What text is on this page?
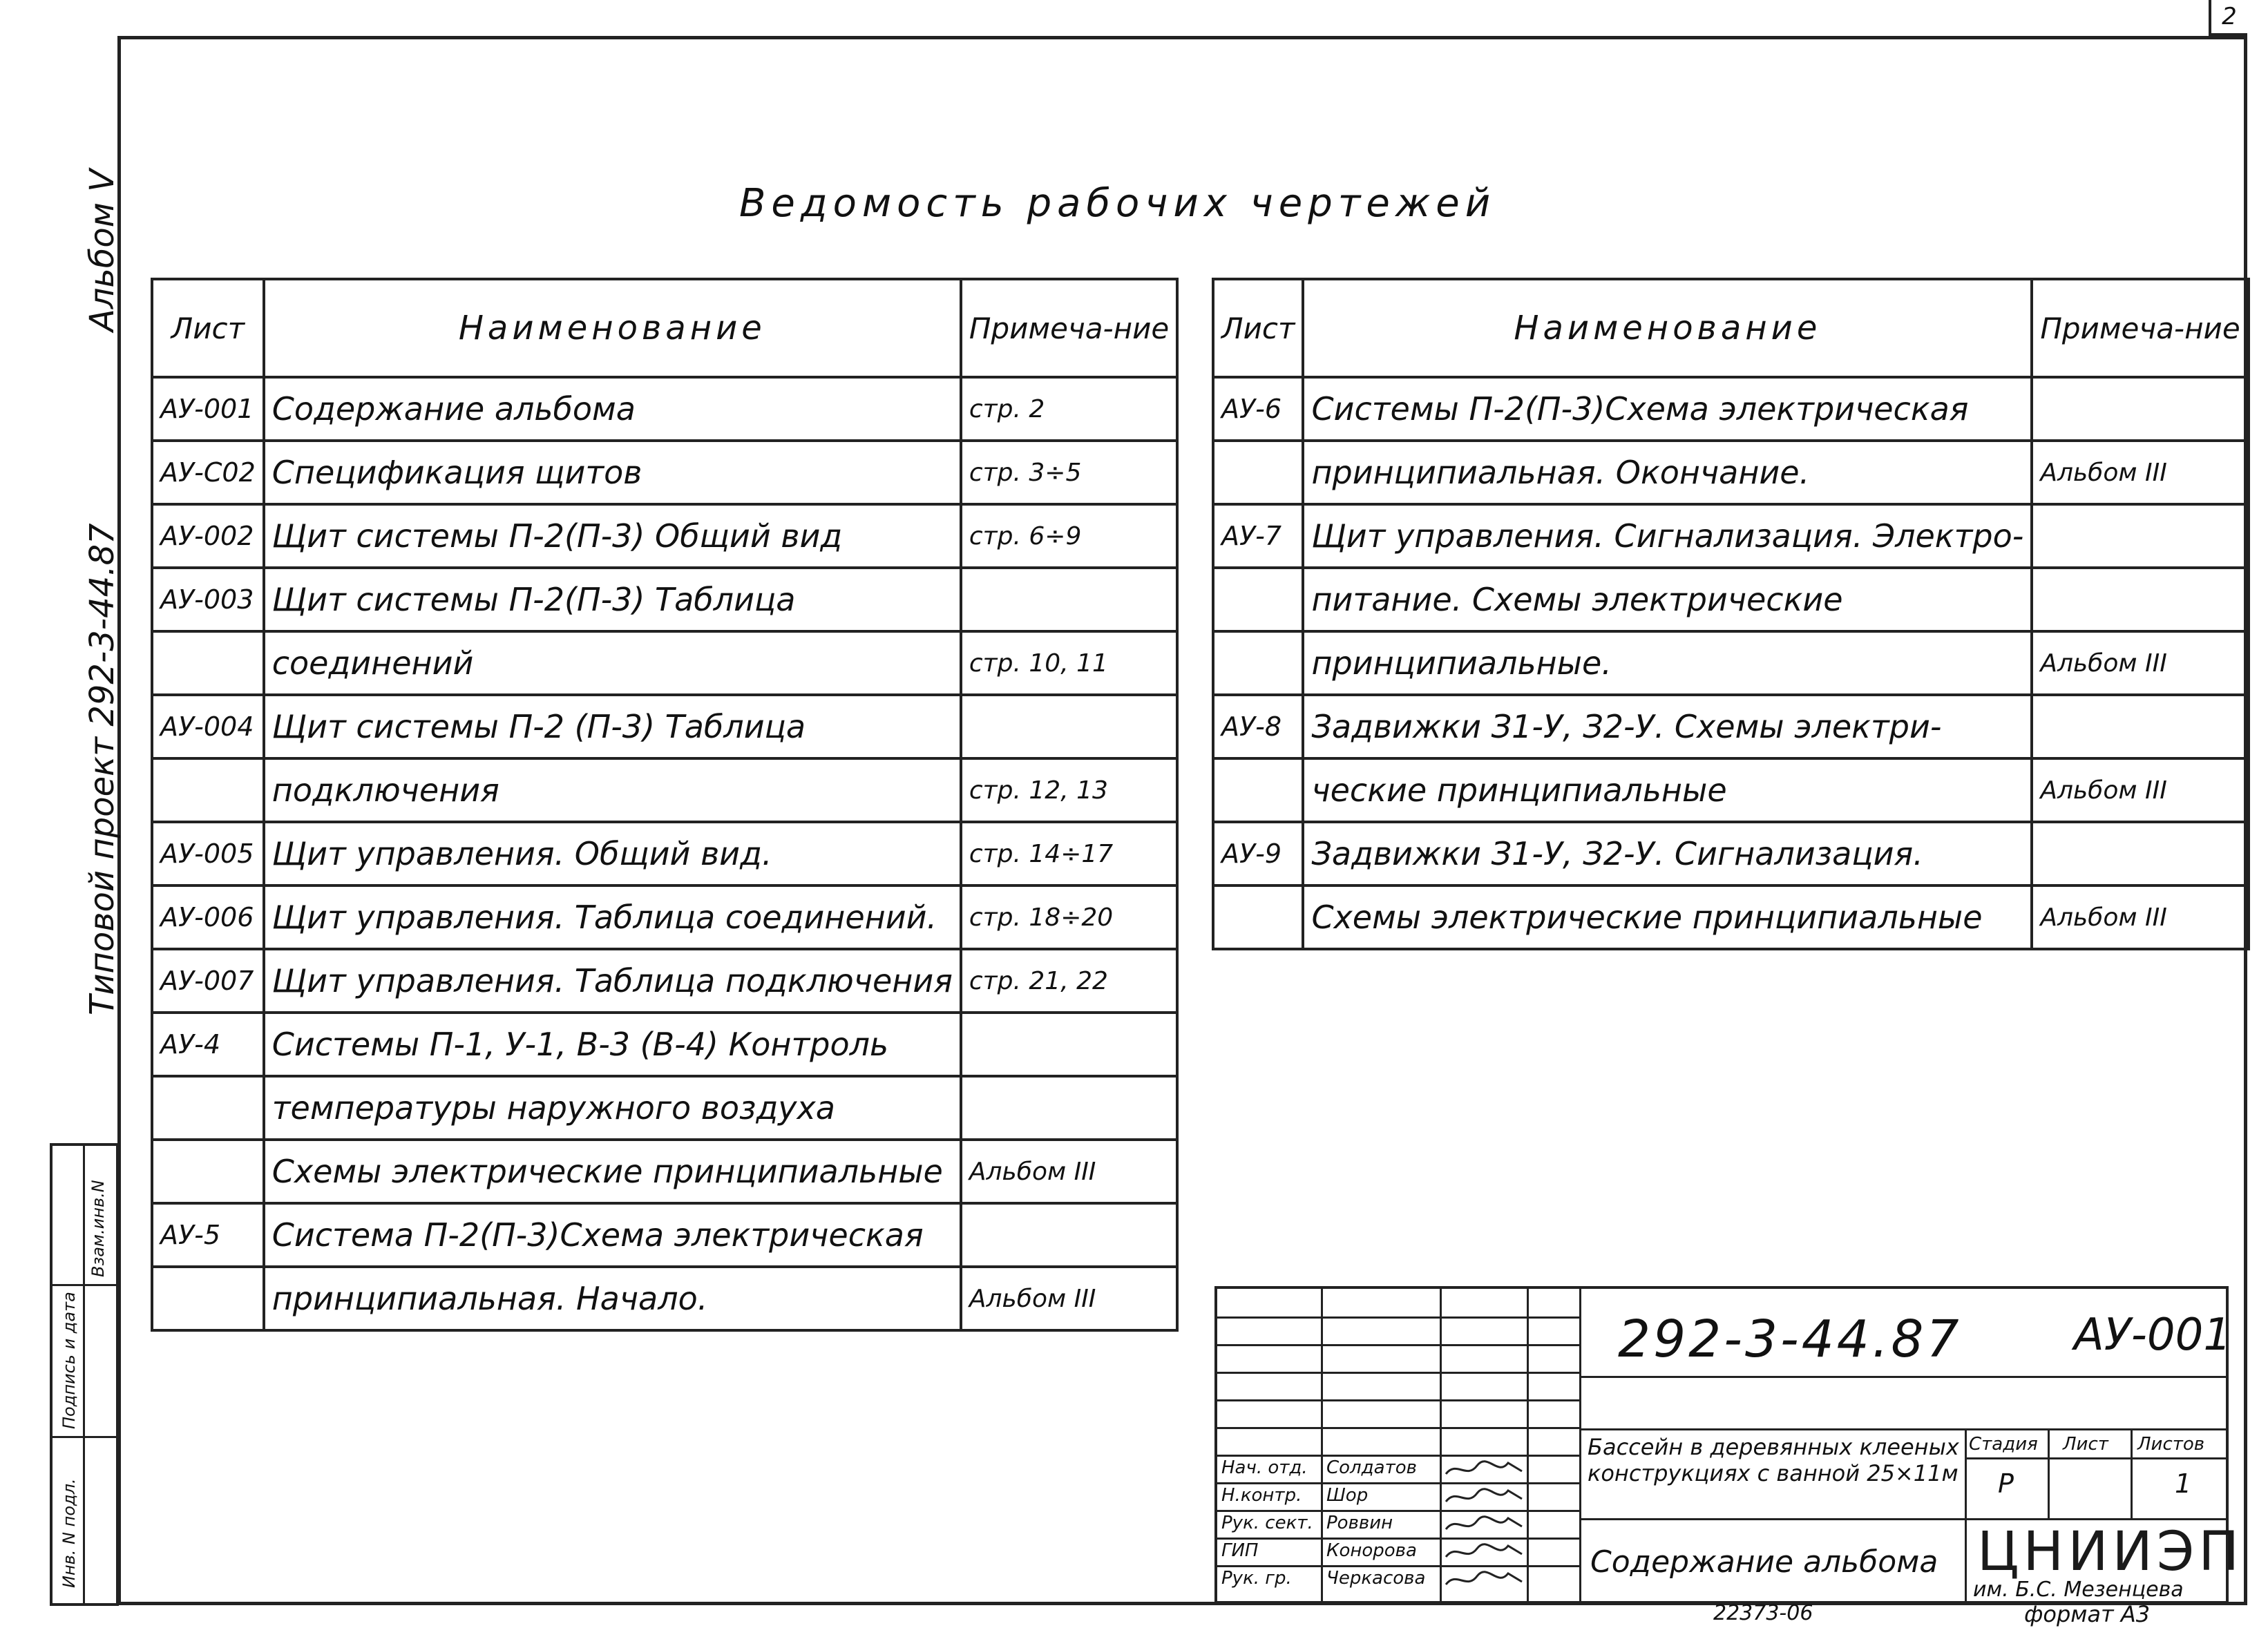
2
Альбом V
Типовой проект 292-3-44.87
Инв. N подл.
Подпись и дата
Взам.инв.N
Ведомость рабочих чертежей
Лист	Наименование	Примеча-ние
АУ-001	Содержание альбома	стр. 2
АУ-С02	Спецификация щитов	стр. 3÷5
АУ-002	Щит системы П-2(П-3) Общий вид	стр. 6÷9
АУ-003	Щит системы П-2(П-3) Таблица	
	соединений	стр. 10, 11
АУ-004	Щит системы П-2 (П-3) Таблица	
	подключения	стр. 12, 13
АУ-005	Щит управления. Общий вид.	стр. 14÷17
АУ-006	Щит управления. Таблица соединений.	стр. 18÷20
АУ-007	Щит управления. Таблица подключения	стр. 21, 22
АУ-4	Системы П-1, У-1, В-3 (В-4) Контроль	
	температуры наружного воздуха	
	Схемы электрические принципиальные	Альбом III
АУ-5	Система П-2(П-3)Схема электрическая	
	принципиальная. Начало.	Альбом III
Лист	Наименование	Примеча-ние
АУ-6	Системы П-2(П-3)Схема электрическая	
	принципиальная. Окончание.	Альбом III
АУ-7	Щит управления. Сигнализация. Электро-	
	питание. Схемы электрические	
	принципиальные.	Альбом III
АУ-8	Задвижки З1-У, З2-У. Схемы электри-	
	ческие принципиальные	Альбом III
АУ-9	Задвижки З1-У, З2-У. Сигнализация.	
	Схемы электрические принципиальные	Альбом III
292-3-44.87	АУ-001
Бассейн в деревянных клееных конструкциях с ванной 25×11м
Содержание альбома
Стадия Лист Листов
Р	1
ЦНИИЭП
им. Б.С. Мезенцева
Нач. отд. Солдатов
Н.контр. Шор
Рук. сект. Роввин
ГИП	Конорова
Рук. гр. Черкасова
22373-06	формат А3
